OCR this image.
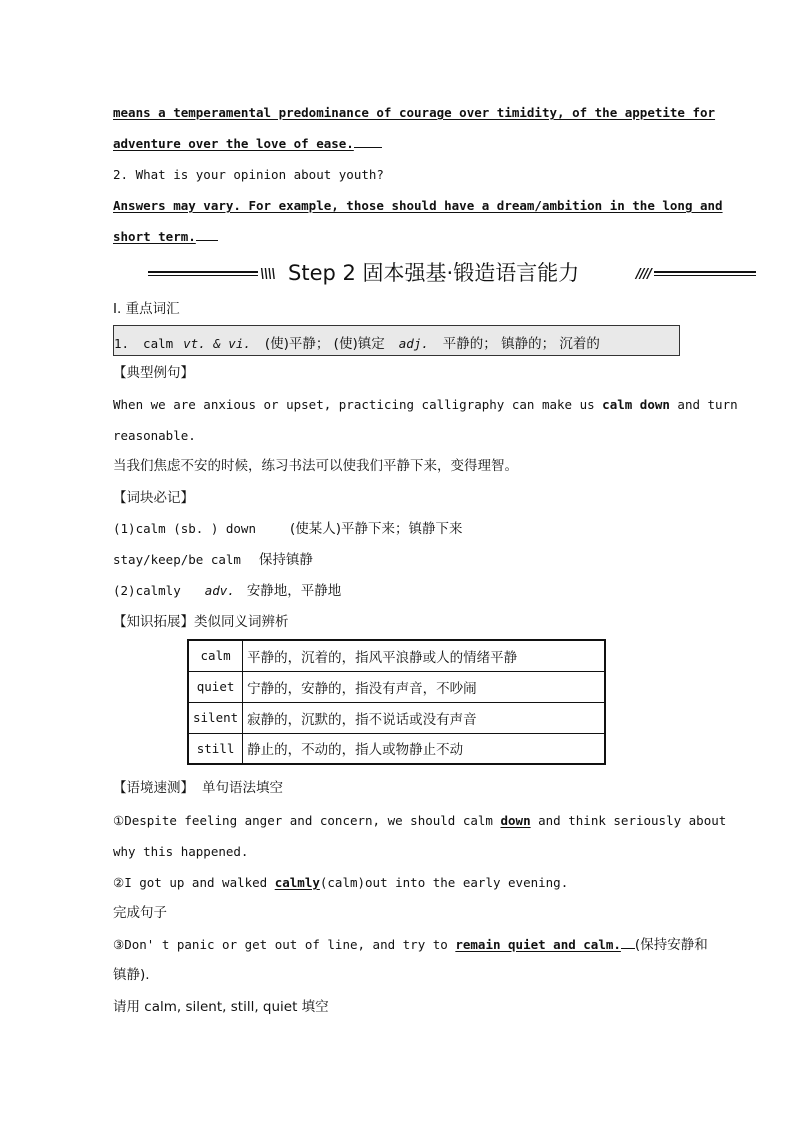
means a temperamental predominance of courage over timidity, of the appetite for
adventure over the love of ease.
2. What is your opinion about youth?
Answers may vary. For example, those should have a dream/ambition in the long and
short term.
Ⅰ. 重点词汇
【典型例句】
When we are anxious or upset, practicing calligraphy can make us calm down and turn
reasonable.
当我们焦虑不安的时候，练习书法可以使我们平静下来，变得理智。
【词块必记】
(1)calm (sb. ) down	(使某人)平静下来；镇静下来
stay/keep/be calm 保持镇静
(2)calmly adv. 安静地，平静地
【知识拓展】类似同义词辨析
【语境速测】 单句语法填空
①Despite feeling anger and concern, we should calm down and think seriously about
why this happened.
②I got up and walked calmly(calm)out into the early evening.
完成句子
③Don' t panic or get out of line, and try to remain quiet and calm. (保持安静和
镇静).
请用 calm, silent, still, quiet 填空
\\\\ Step 2 固本强基·锻造语言能力	////
1. calm vt. & vi. (使)平静； (使)镇定 adj. 平静的； 镇静的； 沉着的
calm	平静的，沉着的，指风平浪静或人的情绪平静
quiet	宁静的，安静的，指没有声音，不吵闹
silent	寂静的，沉默的，指不说话或没有声音
still	静止的，不动的，指人或物静止不动
